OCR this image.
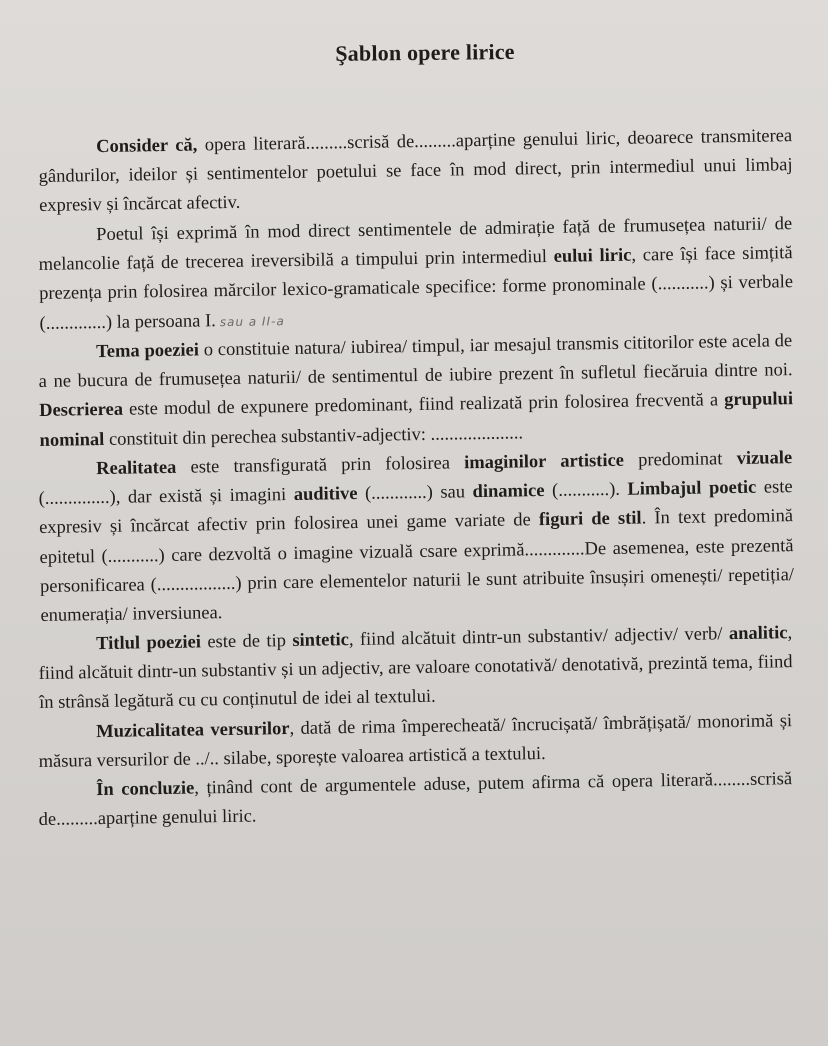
Şablon opere lirice

Consider că, opera literară.........scrisă de.........aparține genului liric, deoarece transmiterea gândurilor, ideilor și sentimentelor poetului se face în mod direct, prin intermediul unui limbaj expresiv și încărcat afectiv.

Poetul își exprimă în mod direct sentimentele de admirație față de frumusețea naturii/ de melancolie față de trecerea ireversibilă a timpului prin intermediul eului liric, care își face simțită prezența prin folosirea mărcilor lexico-gramaticale specifice: forme pronominale (...........) și verbale (.............) la persoana I. sau a II-a

Tema poeziei o constituie natura/ iubirea/ timpul, iar mesajul transmis cititorilor este acela de a ne bucura de frumusețea naturii/ de sentimentul de iubire prezent în sufletul fiecăruia dintre noi. Descrierea este modul de expunere predominant, fiind realizată prin folosirea frecventă a grupului nominal constituit din perechea substantiv-adjectiv: ....................

Realitatea este transfigurată prin folosirea imaginilor artistice predominat vizuale (..............), dar există și imagini auditive (............) sau dinamice (...........). Limbajul poetic este expresiv și încărcat afectiv prin folosirea unei game variate de figuri de stil. În text predomină epitetul (...........) care dezvoltă o imagine vizuală csare exprimă.............De asemenea, este prezentă personificarea (.................) prin care elementelor naturii le sunt atribuite însușiri omenești/ repetiția/ enumerația/ inversiunea.

Titlul poeziei este de tip sintetic, fiind alcătuit dintr-un substantiv/ adjectiv/ verb/ analitic, fiind alcătuit dintr-un substantiv și un adjectiv, are valoare conotativă/ denotativă, prezintă tema, fiind în strânsă legătură cu cu conținutul de idei al textului.

Muzicalitatea versurilor, dată de rima împerecheată/ încrucișată/ îmbrățișată/ monorimă și măsura versurilor de ../.. silabe, sporește valoarea artistică a textului.

În concluzie, ținând cont de argumentele aduse, putem afirma că opera literară........scrisă de.........aparține genului liric.
